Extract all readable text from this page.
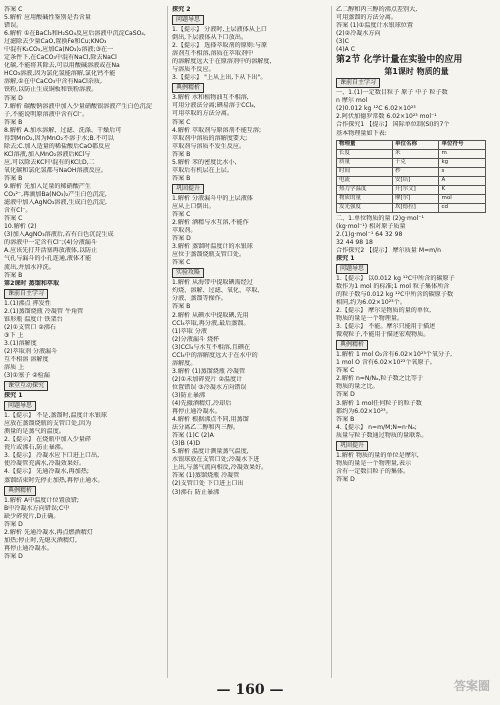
答案 C
5.解析 应用酸碱性鉴别是否含量
错误。
6.解析 ①在BaCl₂和H₂SO₄反应后溶液中沉淀CaSO₄,
过滤除去少量CaO,置换Fe和Cu;KNO₃
中混有K₂CO₃,应加Ca(NO₃)₂溶液;③在一
定条件下,在CaCO₃中混有NaCl,除去NaCl
化碳,不能将其除去,可以用酸碱溶液或在Na
HCO₃溶液,因为氯化氢能溶解,氯化钙不能
溶解,①在中CaCO₃中含有NaCl杂质,
铁粉,以防止生成铜板和铁粉溶液。
答案 D
7.解析 碳酸钠溶液中加入少量硝酸银溶液产生白色沉淀
子,不能说明原溶液中含有Cl⁻。
答案 B
8.解析 A.加水溶解、过滤、洗涤、干燥后可
得到MnO₂,因为MnO₂不溶于水;B.不可以
除去;C.加入适量的稀盐酸后CaO都反应
KCl溶液,加入MnO₂溶液后KCl与
应,可以除去KCl中混有的KCl;D,二
氧化碳和氯化氢都与NaOH溶液反应。
答案 B
9.解析 先加入足量的稀硝酸产生
CO₃²⁻,再滴加Ba(NO₃)₂产生白色沉淀,
滤液中加入AgNO₃溶液,生成白色沉淀,
含有Cl⁻。
答案 C
10.解析 (2)
(3)加入AgNO₃溶液后,若有白色沉淀生成
的溶液中一定含有Cl⁻;(4)分液漏斗
A.应该先打开活塞再放液体,以防止
气孔与漏斗的小孔连通,液体才能
流出,并加水冲洗。
答案 B
第2课时 蒸馏和萃取
课前自主学习
1.(1)沸点 挥发性
2.(1)蒸馏烧瓶 冷凝管 牛角管
锥形瓶 温度计 铁架台
(2)①支管口 ②沸石
③下 上
3.(1)溶解度
(2)萃取剂 分液漏斗
互不相溶 溶解度
溶质 上
(3)①塞子 ②检漏
课堂互动探究
探究 1
问题导思
1.【提示】 不是,蒸馏时,温度计水银球
应放在蒸馏烧瓶的支管口处,因为
测量的是蒸气的温度。
2.【提示】 在烧瓶中加入少量碎
瓷片或沸石,防止暴沸。
3.【提示】 冷凝水应下口进上口出,
使冷凝管充满水,冷凝效果好。
4.【提示】 先通冷凝水,再加热;
蒸馏结束时先停止加热,再停止通水。
典例精析
1.解析 A中温度计位置放错;
B中冷凝水方向错误;C中
缺少碎瓷片,D正确。
答案 D
2.解析 先通冷凝水,再点燃酒精灯
加热;停止时,先熄灭酒精灯,
再停止通冷凝水。
答案 D
探究 2
问题导思
1.【提示】 分液时,上层液体从上口
倒出,下层液体从下口放出。
2.【提示】 选择萃取剂的原则:与原
溶剂互不相溶,溶质在萃取剂中
的溶解度远大于在原溶剂中的溶解度,
与溶质不反应。
3.【提示】 "上从上出,下从下出"。
典例精析
3.解析 水和植物油互不相溶,
可用分液法分离;碘易溶于CCl₄,
可用萃取的方法分离。
答案 C
4.解析 萃取剂与原溶剂不能互溶;
萃取剂中溶质的溶解度要大;
萃取剂与溶质不发生反应。
答案 B
5.解析 苯的密度比水小,
萃取后有机层在上层。
答案 B
巩固提升
1.解析 分液漏斗中的上层液体
应从上口倒出。
答案 C
2.解析 酒精与水互溶,不能作
萃取剂。
答案 D
3.解析 蒸馏时温度计的水银球
应位于蒸馏烧瓶支管口处。
答案 C
实验攻略
1.解析 从海带中提取碘需经过
灼烧、溶解、过滤、氧化、萃取、
分液、蒸馏等操作。
答案 B
2.解析 从碘水中提取碘,先用
CCl₄萃取,再分液,最后蒸馏。
(1)萃取 分液
(2)分液漏斗 烧杯
(3)CCl₄与水互不相溶,且碘在
CCl₄中的溶解度远大于在水中的
溶解度。
3.解析 (1)蒸馏烧瓶 冷凝管
(2)①未加碎瓷片 ②温度计
位置错误 ③冷凝水方向错误
(3)防止暴沸
(4)先撤酒精灯,冷却后
再停止通冷凝水。
4.解析 根据沸点不同,用蒸馏
法分离乙二醇和丙三醇。
答案 (1)C (2)A
(3)B (4)D
5.解析 温度计测量蒸气温度,
水银球放在支管口处;冷凝水下进
上出,与蒸气流向相反,冷凝效果好。
答案 (1)蒸馏烧瓶 冷凝管
(2)支管口处 下口进上口出
(3)沸石 防止暴沸
乙二醇和丙三醇的沸点差别大,
可用蒸馏的方法分离。
答案 (1)①温度计水银球位置
(2)②冷凝水方向
(3)C
(4)A C
第2节 化学计量在实验中的应用
第1课时 物质的量
课前自主学习
一、1.(1)一定数目粒子 原子 中子 粒子数
n 摩尔 mol
(2)0.012 kg ¹²C 6.02×10²³
2.阿伏加德罗常数 6.02×10²³ mol⁻¹
合作探究1 【提示】 国际单位制(SI)的7个
基本物理量如下表:
物理量	单位名称	单位符号
长度	米	m
质量	千克	kg
时间	秒	s
电流	安[培]	A
热力学温度	开[尔文]	K
物质的量	摩[尔]	mol
发光强度	坎[德拉]	cd
二、1.单位物质的量 (2)g·mol⁻¹
(kg·mol⁻¹) 相对原子质量
2.(1)g·mol⁻¹ 64 32 98
32 44 98 18
合作探究2 【提示】 摩尔质量 M=m/n
探究 1
问题导思
1.【提示】 以0.012 kg ¹²C中所含的碳原子
数作为1 mol 的标准;1 mol 粒子集体所含
的粒子数与0.012 kg ¹²C中所含的碳原子数
相同,约为6.02×10²³个。
2.【提示】 摩尔是物质的量的单位,
物质的量是一个物理量。
3.【提示】 不能。摩尔只能用于描述
微观粒子,不能用于描述宏观物质。
典例精析
1.解析 1 mol O₂含有6.02×10²³个氧分子,
1 mol O 含有6.02×10²³个氧原子。
答案 C
2.解析 n=N/Nₐ,粒子数之比等于
物质的量之比。
答案 D
3.解析 1 mol任何粒子的粒子数
都约为6.02×10²³。
答案 B
4.【提示】 n=m/M;N=n·Nₐ;
质量与粒子数通过物质的量联系。
巩固提升
1.解析 物质的量的单位是摩尔,
物质的量是一个物理量,表示
含有一定数目粒子的集体。
答案 D
— 160 —	答案圈
